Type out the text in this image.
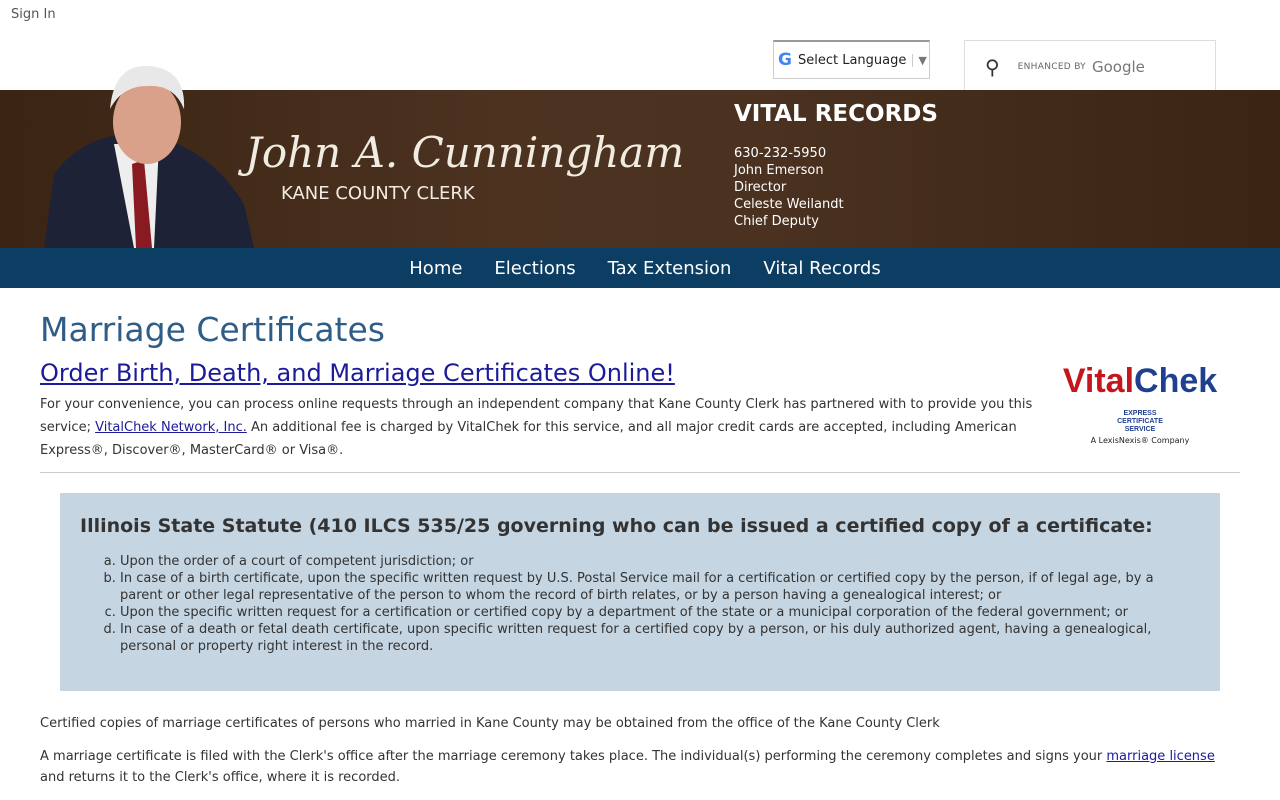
Sign In
G Select Language	▼	⚲ ENHANCED BY Google
John A. Cunningham
KANE COUNTY CLERK
VITAL RECORDS
630-232-5950
John Emerson
Director
Celeste Weilandt
Chief Deputy
Home Elections Tax Extension Vital Records
Marriage Certificates
Order Birth, Death, and Marriage Certificates Online!	VitalChekEXPRESS CERTIFICATE SERVICE
A LexisNexis® Company

For your convenience, you can process online requests through an independent company that Kane County Clerk has partnered with to provide you this service; VitalChek Network, Inc. An additional fee is charged by VitalChek for this service, and all major credit cards are accepted, including American Express®, Discover®, MasterCard® or Visa®.

Illinois State Statute (410 ILCS 535/25 governing who can be issued a certified copy of a certificate:
a. Upon the order of a court of competent jurisdiction; or
b. In case of a birth certificate, upon the specific written request by U.S. Postal Service mail for a certification or certified copy by the person, if of legal age, by a parent or other legal representative of the person to whom the record of birth relates, or by a person having a genealogical interest; or
c. Upon the specific written request for a certification or certified copy by a department of the state or a municipal corporation of the federal government; or
d. In case of a death or fetal death certificate, upon specific written request for a certified copy by a person, or his duly authorized agent, having a genealogical, personal or property right interest in the record.

Certified copies of marriage certificates of persons who married in Kane County may be obtained from the office of the Kane County Clerk

A marriage certificate is filed with the Clerk's office after the marriage ceremony takes place. The individual(s) performing the ceremony completes and signs your marriage license and returns it to the Clerk's office, where it is recorded.
